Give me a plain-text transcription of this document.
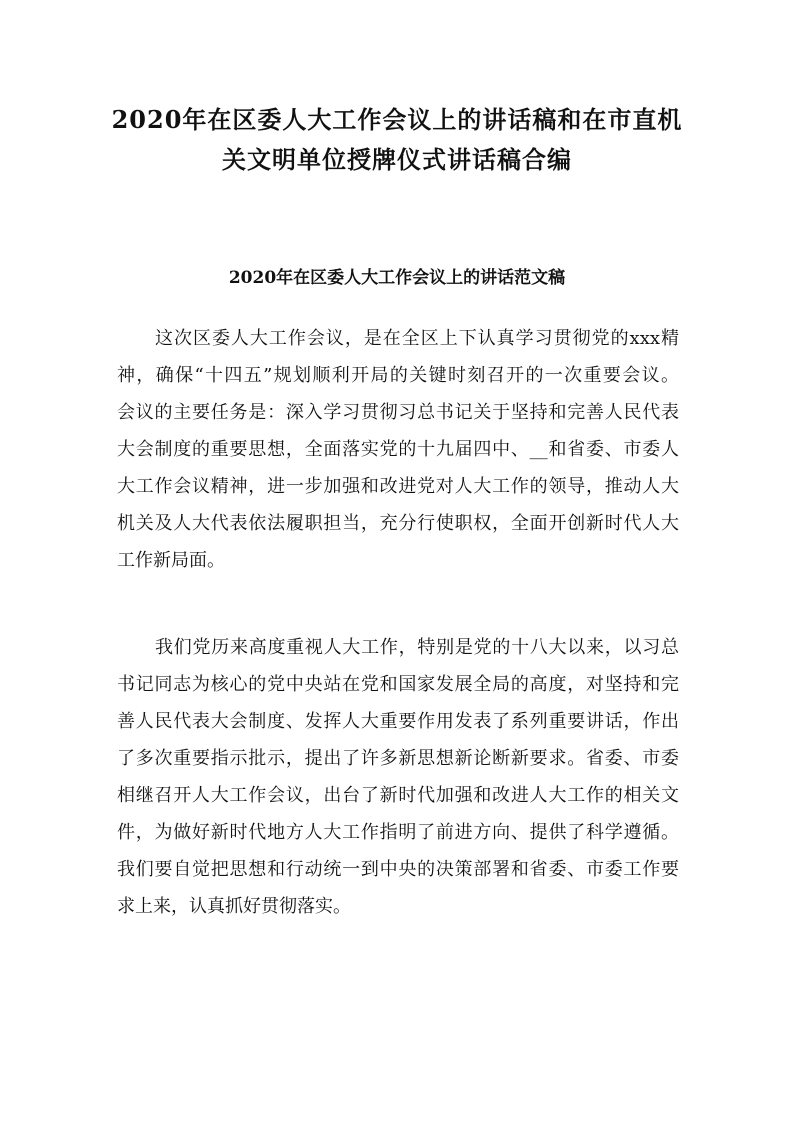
2020年在区委人大工作会议上的讲话稿和在市直机
关文明单位授牌仪式讲话稿合编
2020年在区委人大工作会议上的讲话范文稿
这次区委人大工作会议，是在全区上下认真学习贯彻党的xxx精
神，确保“十四五”规划顺利开局的关键时刻召开的一次重要会议。
会议的主要任务是：深入学习贯彻习总书记关于坚持和完善人民代表
大会制度的重要思想，全面落实党的十九届四中、__和省委、市委人
大工作会议精神，进一步加强和改进党对人大工作的领导，推动人大
机关及人大代表依法履职担当，充分行使职权，全面开创新时代人大
工作新局面。
我们党历来高度重视人大工作，特别是党的十八大以来，以习总
书记同志为核心的党中央站在党和国家发展全局的高度，对坚持和完
善人民代表大会制度、发挥人大重要作用发表了系列重要讲话，作出
了多次重要指示批示，提出了许多新思想新论断新要求。省委、市委
相继召开人大工作会议，出台了新时代加强和改进人大工作的相关文
件，为做好新时代地方人大工作指明了前进方向、提供了科学遵循。
我们要自觉把思想和行动统一到中央的决策部署和省委、市委工作要
求上来，认真抓好贯彻落实。
